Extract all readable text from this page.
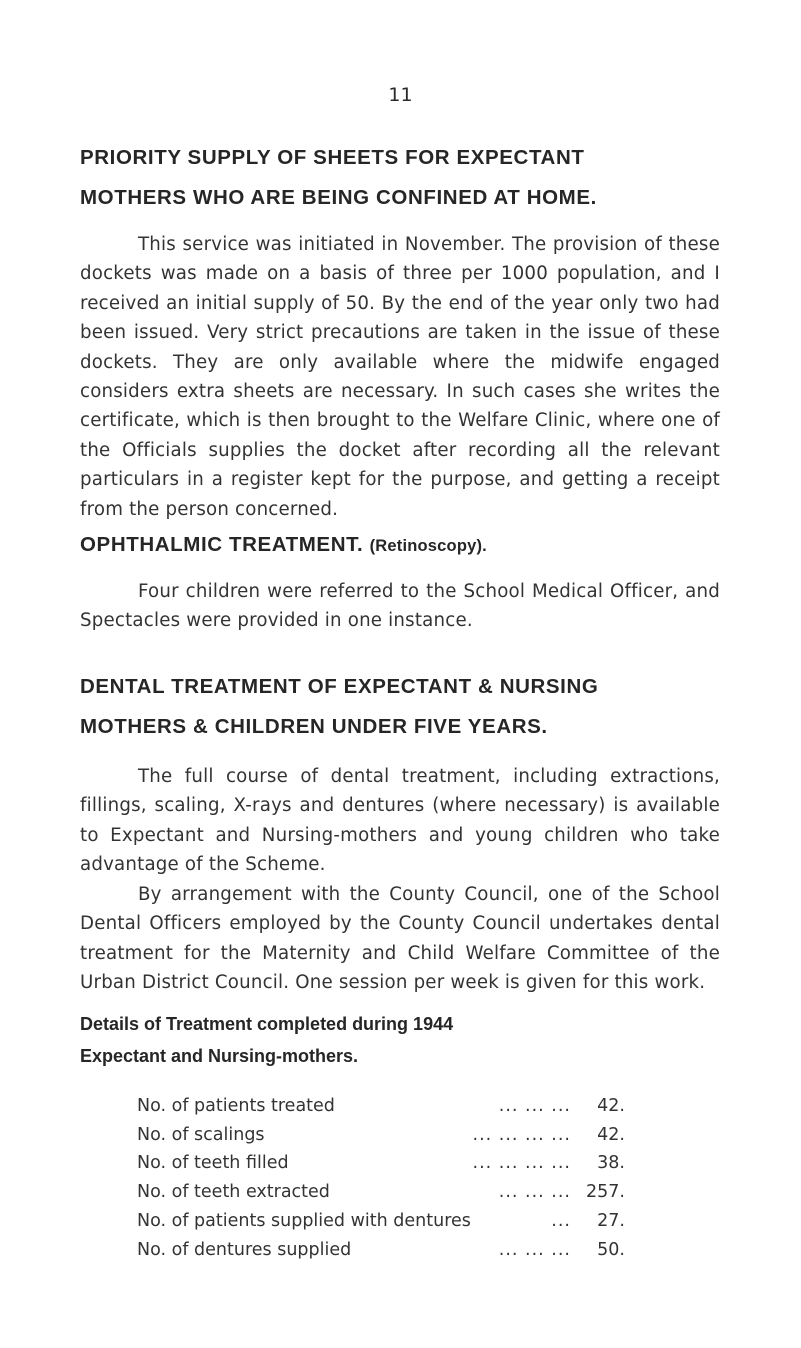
11
PRIORITY SUPPLY OF SHEETS FOR EXPECTANT
MOTHERS WHO ARE BEING CONFINED AT HOME.

This service was initiated in November. The provision of these dockets was made on a basis of three per 1000 population, and I received an initial supply of 50. By the end of the year only two had been issued. Very strict precautions are taken in the issue of these dockets. They are only available where the midwife engaged considers extra sheets are necessary. In such cases she writes the certificate, which is then brought to the Welfare Clinic, where one of the Officials supplies the docket after recording all the relevant particulars in a register kept for the purpose, and getting a receipt from the person concerned.

OPHTHALMIC TREATMENT. (Retinoscopy).

Four children were referred to the School Medical Officer, and Spectacles were provided in one instance.

DENTAL TREATMENT OF EXPECTANT & NURSING
MOTHERS & CHILDREN UNDER FIVE YEARS.

The full course of dental treatment, including extractions, fillings, scaling, X-rays and dentures (where necessary) is available to Expectant and Nursing-mothers and young children who take advantage of the Scheme.

By arrangement with the County Council, one of the School Dental Officers employed by the County Council undertakes dental treatment for the Maternity and Child Welfare Committee of the Urban District Council. One session per week is given for this work.

Details of Treatment completed during 1944

Expectant and Nursing-mothers.

No. of patients treated	... ... ...	42.
No. of scalings	... ... ... ...	42.
No. of teeth filled	... ... ... ...	38.
No. of teeth extracted	... ... ... 257.
No. of patients supplied with dentures	...	27.
No. of dentures supplied	... ... ...	50.
